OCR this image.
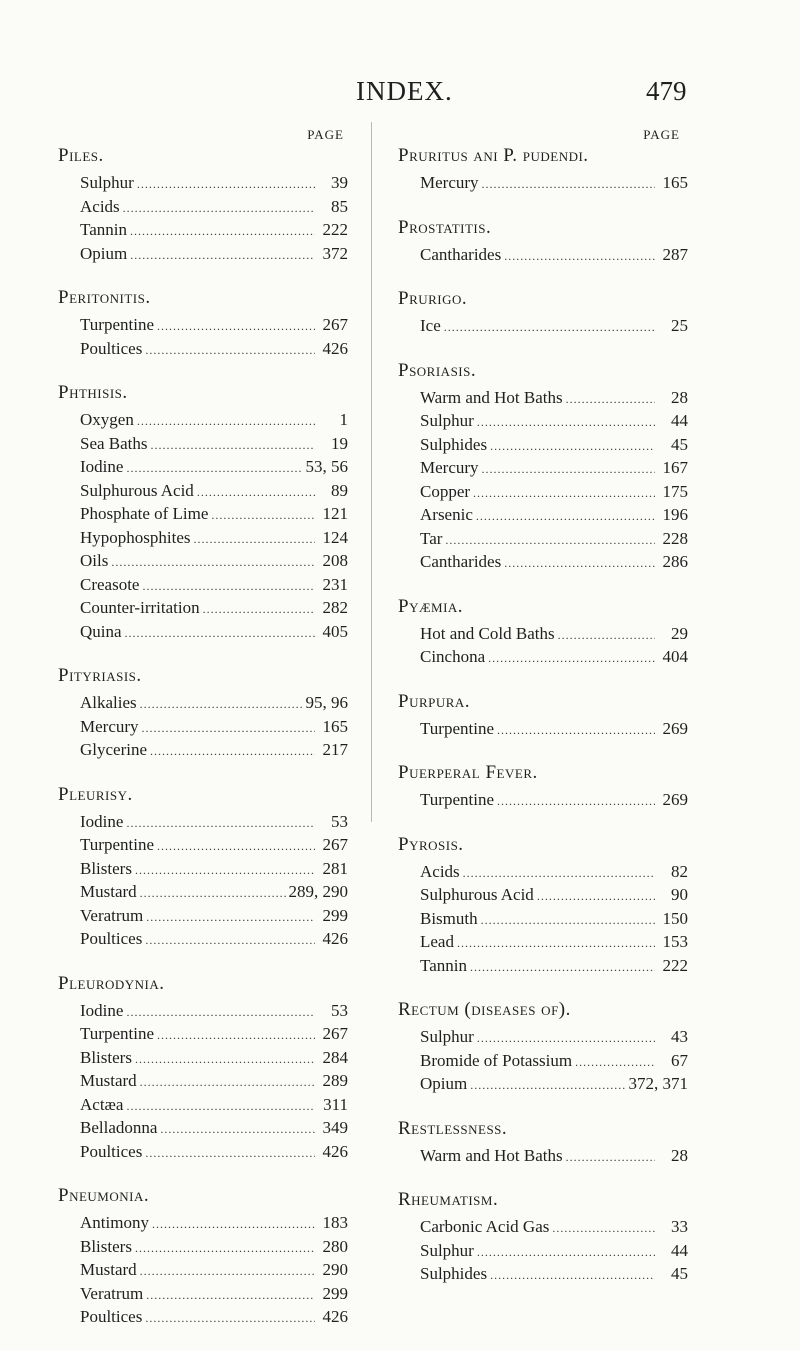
INDEX.	479
PAGE
Piles.
Sulphur .....	39
Acids .....	85
Tannin .....	222
Opium .....	372
Peritonitis.
Turpentine .....	267
Poultices .....	426
Phthisis.
Oxygen .....	1
Sea Baths .....	19
Iodine .....	53, 56
Sulphurous Acid .....	89
Phosphate of Lime .....	121
Hypophosphites .....	124
Oils .....	208
Creasote .....	231
Counter-irritation .....	282
Quina .....	405
Pityriasis.
Alkalies .....	95, 96
Mercury .....	165
Glycerine .....	217
Pleurisy.
Iodine .....	53
Turpentine .....	267
Blisters .....	281
Mustard .....	289, 290
Veratrum .....	299
Poultices .....	426
Pleurodynia.
Iodine .....	53
Turpentine .....	267
Blisters .....	284
Mustard .....	289
Actæa .....	311
Belladonna .....	349
Poultices .....	426
Pneumonia.
Antimony .....	183
Blisters .....	280
Mustard .....	290
Veratrum .....	299
Poultices .....	426
PAGE
Pruritus ani P. pudendi.
Mercury .....	165
Prostatitis.
Cantharides .....	287
Prurigo.
Ice .....	25
Psoriasis.
Warm and Hot Baths .....	28
Sulphur .....	44
Sulphides .....	45
Mercury .....	167
Copper .....	175
Arsenic .....	196
Tar .....	228
Cantharides .....	286
Pyæmia.
Hot and Cold Baths .....	29
Cinchona .....	404
Purpura.
Turpentine .....	269
Puerperal Fever.
Turpentine .....	269
Pyrosis.
Acids .....	82
Sulphurous Acid .....	90
Bismuth .....	150
Lead .....	153
Tannin .....	222
Rectum (diseases of).
Sulphur .....	43
Bromide of Potassium .....	67
Opium .....	372, 371
Restlessness.
Warm and Hot Baths .....	28
Rheumatism.
Carbonic Acid Gas .....	33
Sulphur .....	44
Sulphides .....	45
